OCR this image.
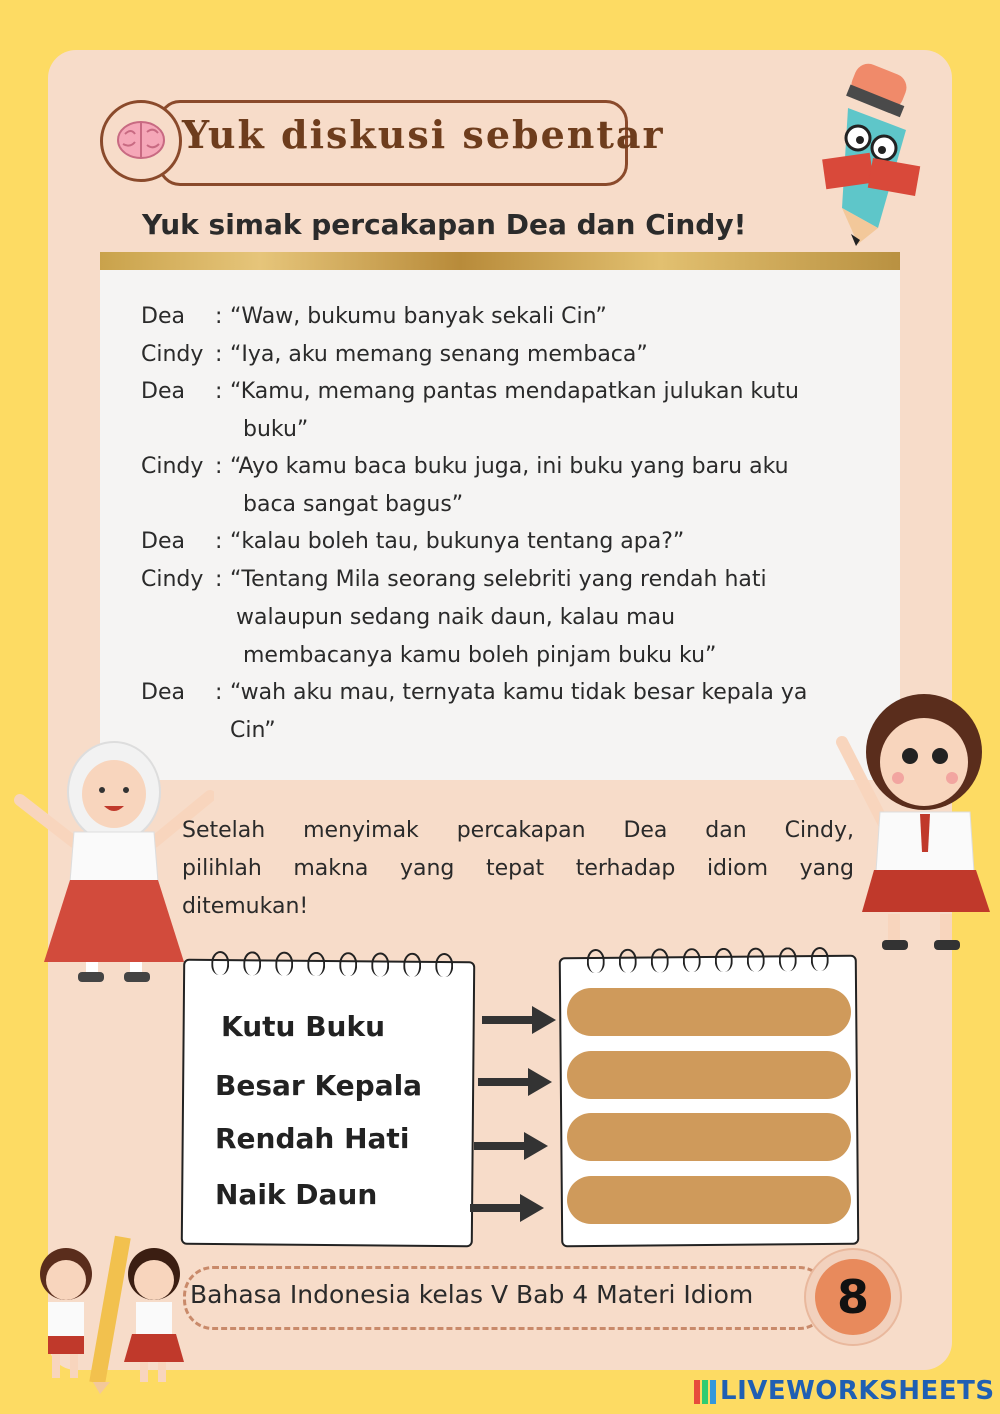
Yuk diskusi sebentar
Yuk simak percakapan Dea dan Cindy!
Dea : “Waw, bukumu banyak sekali Cin”
Cindy : “Iya, aku memang senang membaca”
Dea : “Kamu, memang pantas mendapatkan julukan kutu
buku”
Cindy : “Ayo kamu baca buku juga, ini buku yang baru aku
baca sangat bagus”
Dea : “kalau boleh tau, bukunya tentang apa?”
Cindy : “Tentang Mila seorang selebriti yang rendah hati
walaupun sedang naik daun, kalau mau
membacanya kamu boleh pinjam buku ku”
Dea : “wah aku mau, ternyata kamu tidak besar kepala ya
Cin”
Setelah menyimak percakapan Dea dan Cindy,
pilihlah makna yang tepat terhadap idiom yang
ditemukan!
Kutu Buku
Besar Kepala
Rendah Hati
Naik Daun
Bahasa Indonesia kelas V Bab 4 Materi Idiom	8
LIVEWORKSHEETS
